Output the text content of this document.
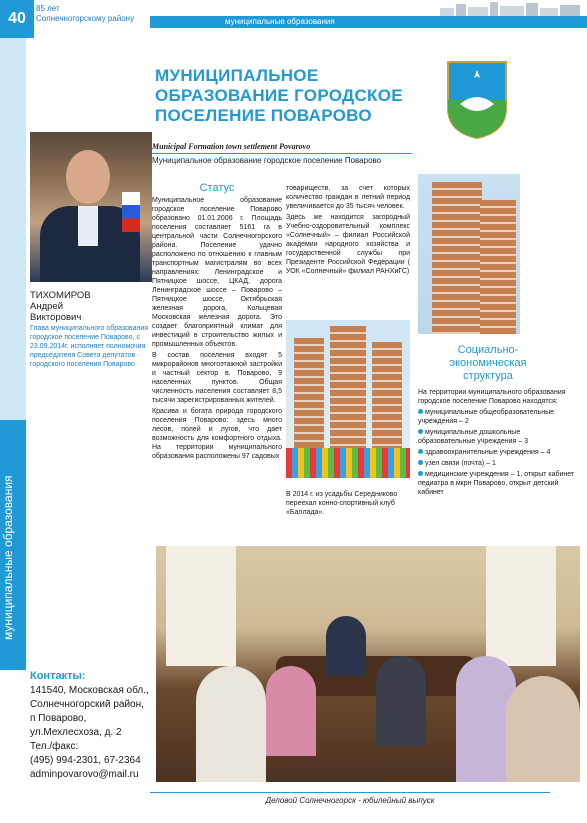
40
85 лет
Солнечногорскому району	муниципальные образования
муниципальные образования
МУНИЦИПАЛЬНОЕ ОБРАЗОВАНИЕ ГОРОДСКОЕ ПОСЕЛЕНИЕ ПОВАРОВО
Municipal Formation town settlement Povarovo
Муниципальное образование городское поселение Поварово
ТИХОМИРОВ
Андрей
Викторович
Глава муниципального образования городское поселение Поварово, с 23.09.2014г. исполняет полномочия председателя Совета депутатов городского поселения Поварово
Статус

Муниципальное образование городское поселение Поварово образовано 01.01.2006 г. Площадь поселения составляет 5161 га в центральной части Солнечногорского района. Поселение удачно расположено по отношению к главным транспортным магистралям во всех направлениях: Ленинградское и Пятницкое шоссе, ЦКАД, дорога Ленинградское шоссе – Поварово – Пятницкое шоссе, Октябрьская железная дорога, Кольцевая Московская железная дорога. Это создает благоприятный климат для инвестиций в строительство жилых и промышленных объектов.

В состав поселения входят 5 микрорайонов многоэтажной застройки и частный сектор в. Поварово, 9 населенных пунктов. Общая численность населения составляет 8,5 тысячи зарегистрированных жителей.

Красива и богата природа городского поселения Поварово: здесь много лесов, полей и лугов, что дает возможность для комфортного отдыха. На территории муниципального образования расположены 97 садовых

товариществ, за счет которых количество граждан в летний период увеличивается до 35 тысяч человек.

Здесь же находится загородный Учебно-оздоровительный комплекс «Солнечный» – филиал Российской академии народного хозяйства и государственной службы при Президенте Российской Федерации ( УОК «Солнечный» филиал РАНХиГС)

В 2014 г. из усадьбы Середниково переехал конно-спортивный клуб «Баллада».
Социально-
экономическая
структура
На территории муниципального образования городское поселение Поварово находятся:
муниципальные общеобразовательные учреждения – 2
муниципальные дошкольные образовательные учреждения – 3
здравоохранительные учреждения – 4
узел связи (почта) – 1
медицинские учреждения – 1, открыт кабинет педиатра в мкрн Поварово, открыт детский кабинет
Контакты:
141540, Московская обл.,
Солнечногорский район,
п Поварово,
ул.Мехлесхоза, д. 2
Тел./факс:
(495) 994-2301, 67-2364
adminpovarovo@mail.ru
Деловой Солнечногорск - юбилейный выпуск
